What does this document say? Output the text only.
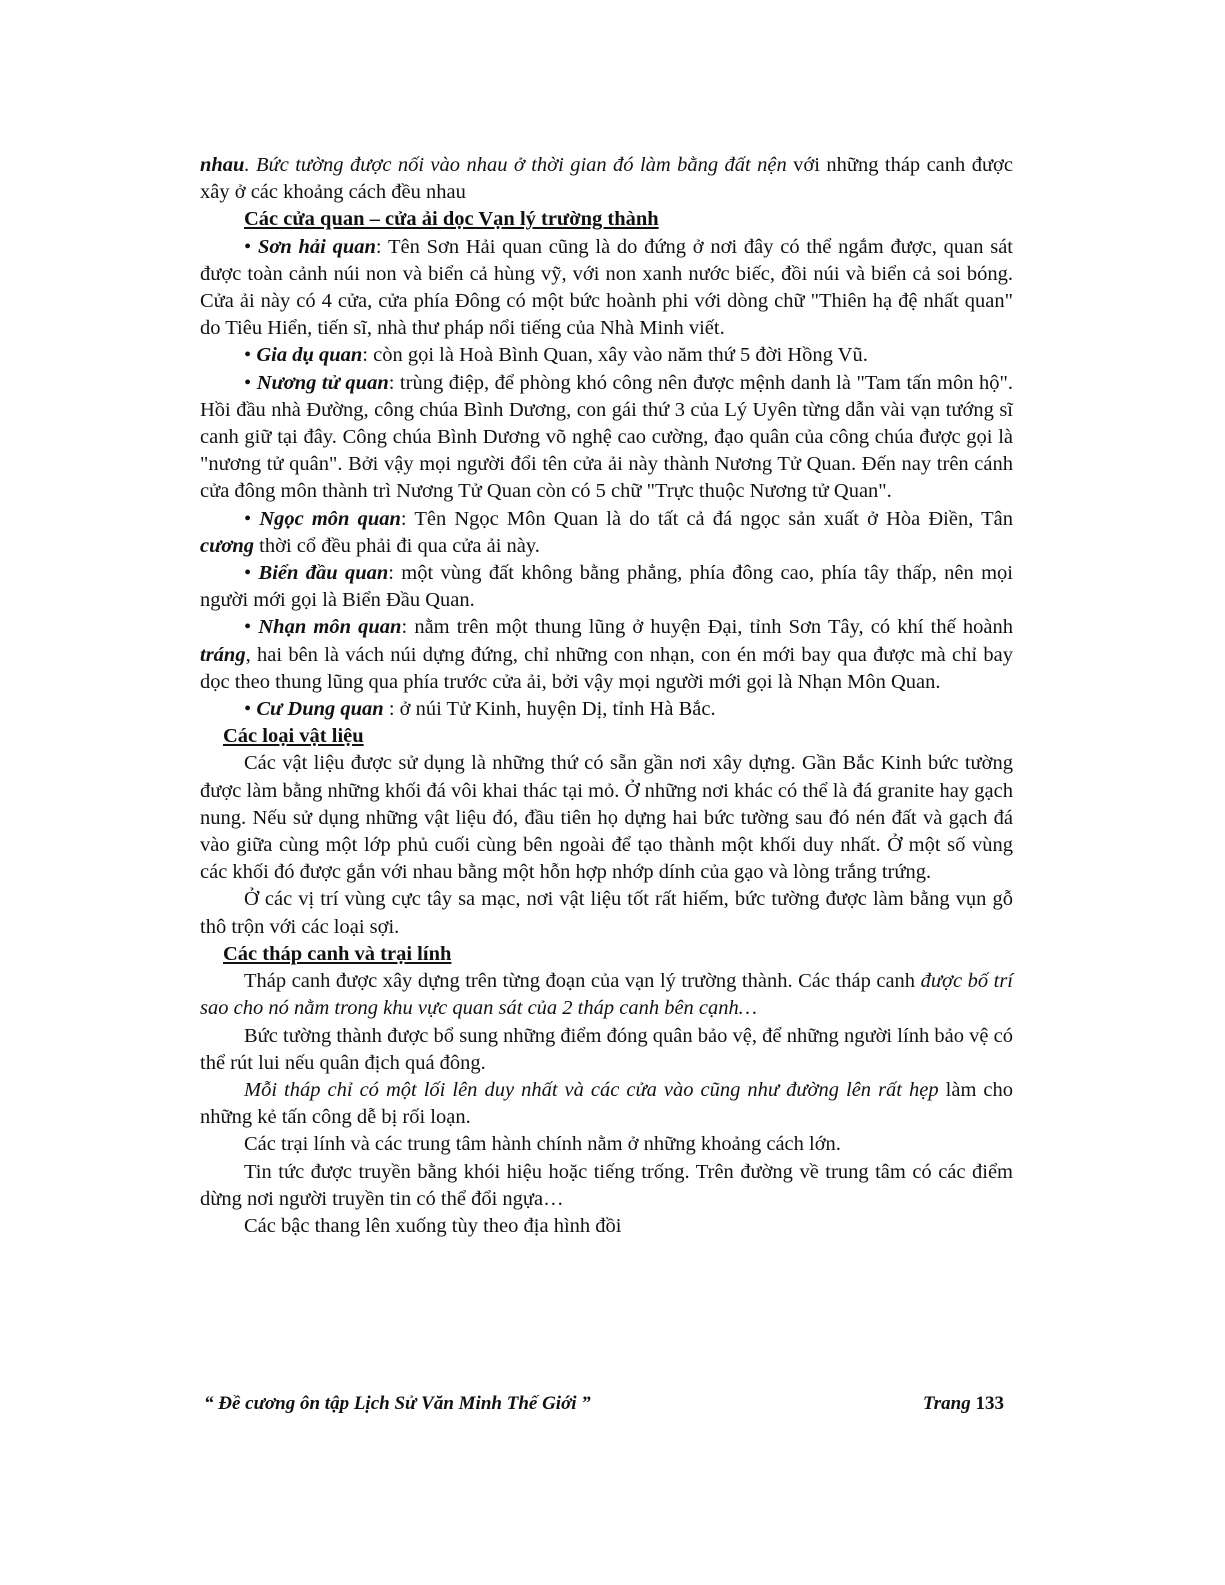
nhau. Bức tường được nối vào nhau ở thời gian đó làm bằng đất nện với những tháp canh được xây ở các khoảng cách đều nhau

Các cửa quan – cửa ải dọc Vạn lý trường thành

• Sơn hải quan: Tên Sơn Hải quan cũng là do đứng ở nơi đây có thể ngắm được, quan sát được toàn cảnh núi non và biển cả hùng vỹ, với non xanh nước biếc, đồi núi và biển cả soi bóng. Cửa ải này có 4 cửa, cửa phía Đông có một bức hoành phi với dòng chữ "Thiên hạ đệ nhất quan" do Tiêu Hiển, tiến sĩ, nhà thư pháp nổi tiếng của Nhà Minh viết.

• Gia dụ quan: còn gọi là Hoà Bình Quan, xây vào năm thứ 5 đời Hồng Vũ.

• Nương tử quan: trùng điệp, để phòng khó công nên được mệnh danh là "Tam tấn môn hộ". Hồi đầu nhà Đường, công chúa Bình Dương, con gái thứ 3 của Lý Uyên từng dẫn vài vạn tướng sĩ canh giữ tại đây. Công chúa Bình Dương võ nghệ cao cường, đạo quân của công chúa được gọi là "nương tử quân". Bởi vậy mọi người đổi tên cửa ải này thành Nương Tử Quan. Đến nay trên cánh cửa đông môn thành trì Nương Tử Quan còn có 5 chữ "Trực thuộc Nương tử Quan".

• Ngọc môn quan: Tên Ngọc Môn Quan là do tất cả đá ngọc sản xuất ở Hòa Điền, Tân cương thời cổ đều phải đi qua cửa ải này.

• Biển đầu quan: một vùng đất không bằng phẳng, phía đông cao, phía tây thấp, nên mọi người mới gọi là Biển Đầu Quan.

• Nhạn môn quan: nằm trên một thung lũng ở huyện Đại, tỉnh Sơn Tây, có khí thế hoành tráng, hai bên là vách núi dựng đứng, chỉ những con nhạn, con én mới bay qua được mà chỉ bay dọc theo thung lũng qua phía trước cửa ải, bởi vậy mọi người mới gọi là Nhạn Môn Quan.

• Cư Dung quan : ở núi Tử Kinh, huyện Dị, tỉnh Hà Bắc.

Các loại vật liệu

Các vật liệu được sử dụng là những thứ có sẵn gần nơi xây dựng. Gần Bắc Kinh bức tường được làm bằng những khối đá vôi khai thác tại mỏ. Ở những nơi khác có thể là đá granite hay gạch nung. Nếu sử dụng những vật liệu đó, đầu tiên họ dựng hai bức tường sau đó nén đất và gạch đá vào giữa cùng một lớp phủ cuối cùng bên ngoài để tạo thành một khối duy nhất. Ở một số vùng các khối đó được gắn với nhau bằng một hỗn hợp nhớp dính của gạo và lòng trắng trứng.

Ở các vị trí vùng cực tây sa mạc, nơi vật liệu tốt rất hiếm, bức tường được làm bằng vụn gỗ thô trộn với các loại sợi.

Các tháp canh và trại lính

Tháp canh được xây dựng trên từng đoạn của vạn lý trường thành. Các tháp canh được bố trí sao cho nó nằm trong khu vực quan sát của 2 tháp canh bên cạnh…

Bức tường thành được bổ sung những điểm đóng quân bảo vệ, để những người lính bảo vệ có thể rút lui nếu quân địch quá đông.

Mỗi tháp chỉ có một lối lên duy nhất và các cửa vào cũng như đường lên rất hẹp làm cho những kẻ tấn công dễ bị rối loạn.

Các trại lính và các trung tâm hành chính nằm ở những khoảng cách lớn.

Tin tức được truyền bằng khói hiệu hoặc tiếng trống. Trên đường về trung tâm có các điểm dừng nơi người truyền tin có thể đổi ngựa…

Các bậc thang lên xuống tùy theo địa hình đồi

“ Đề cương ôn tập Lịch Sử Văn Minh Thế Giới ”	Trang 133
